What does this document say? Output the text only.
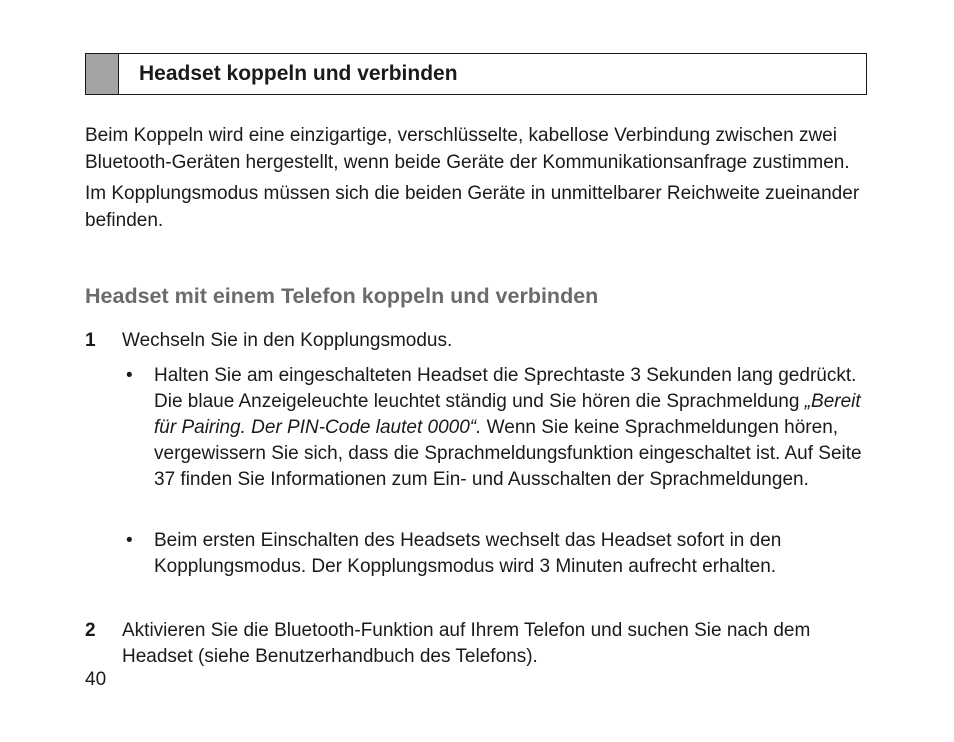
Headset koppeln und verbinden

Beim Koppeln wird eine einzigartige, verschlüsselte, kabellose Verbindung zwischen zwei Bluetooth-Geräten hergestellt, wenn beide Geräte der Kommunikationsanfrage zustimmen.

Im Kopplungsmodus müssen sich die beiden Geräte in unmittelbarer Reichweite zueinander befinden.

Headset mit einem Telefon koppeln und verbinden
1 Wechseln Sie in den Kopplungsmodus.
• Halten Sie am eingeschalteten Headset die Sprechtaste 3 Sekunden lang gedrückt. Die blaue Anzeigeleuchte leuchtet ständig und Sie hören die Sprachmeldung „Bereit für Pairing. Der PIN-Code lautet 0000“. Wenn Sie keine Sprachmeldungen hören, vergewissern Sie sich, dass die Sprachmeldungsfunktion eingeschaltet ist. Auf Seite 37 finden Sie Informationen zum Ein- und Ausschalten der Sprachmeldungen.
• Beim ersten Einschalten des Headsets wechselt das Headset sofort in den Kopplungsmodus. Der Kopplungsmodus wird 3 Minuten aufrecht erhalten.
2 Aktivieren Sie die Bluetooth-Funktion auf Ihrem Telefon und suchen Sie nach dem Headset (siehe Benutzerhandbuch des Telefons).
40
